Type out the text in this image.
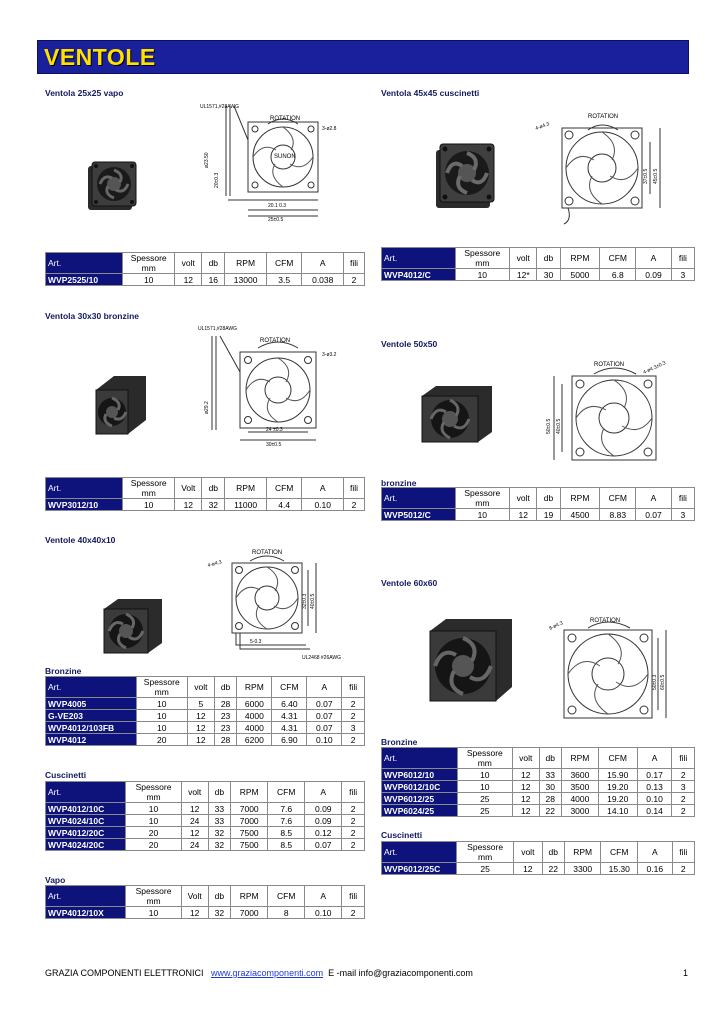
VENTOLE
Ventola 25x25 vapo
UL1571,#28AWG
ROTATION
3-ø2.8
SUNON
ø23.50
20±0.3
20.1 0.3
25±0.5
Art.	Spessore mm	volt	db	RPM	CFM	A	fili
WVP2525/10	10	12	16	13000	3.5	0.038	2
Ventola 45x45 cuscinetti
ROTATION
4-ø4.3
37±0.5 45±0.5
Art.	Spessore mm	volt	db	RPM	CFM	A	fili
WVP4012/C	10	12*	30	5000	6.8	0.09	3
Ventola 30x30 bronzine
UL1571,#28AWG
ROTATION
3-ø3.2
ø29.2
24 ±0.3
30±0.5
Art.	Spessore mm	Volt	db	RPM	CFM	A	fili
WVP3012/10	10	12	32	11000	4.4	0.10	2
Ventole 50x50
ROTATION	4-ø4.3±0.3
50±0.5 40±0.5
bronzine
Art.	Spessore mm	volt	db	RPM	CFM	A	fili
WVP5012/C	10	12	19	4500	8.83	0.07	3
Ventole 40x40x10
ROTATION
4-ø4.3
32±0.3 40±0.5
5-0.3
UL2468 #26AWG
Bronzine
Art.	Spessore mm	volt	db	RPM	CFM	A	fili
WVP4005	10	5	28	6000	6.40	0.07	2
G-VE203	10	12	23	4000	4.31	0.07	2
WVP4012/103FB	10	12	23	4000	4.31	0.07	3
WVP4012	20	12	28	6200	6.90	0.10	2
Cuscinetti
Art.	Spessore mm	volt	db	RPM	CFM	A	fili
WVP4012/10C	10	12	33	7000	7.6	0.09	2
WVP4024/10C	10	24	33	7000	7.6	0.09	2
WVP4012/20C	20	12	32	7500	8.5	0.12	2
WVP4024/20C	20	24	32	7500	8.5	0.07	2
Vapo
Art.	Spessore mm	Volt	db	RPM	CFM	A	fili
WVP4012/10X	10	12	32	7000	8	0.10	2
Ventole 60x60
ROTATION
8-ø4.3
50±0.3 60±0.5
Bronzine
Art.	Spessore mm	volt	db	RPM	CFM	A	fili
WVP6012/10	10	12	33	3600	15.90	0.17	2
WVP6012/10C	10	12	30	3500	19.20	0.13	3
WVP6012/25	25	12	28	4000	19.20	0.10	2
WVP6024/25	25	12	22	3000	14.10	0.14	2
Cuscinetti
Art.	Spessore mm	volt	db	RPM	CFM	A	fili
WVP6012/25C	25	12	22	3300	15.30	0.16	2
GRAZIA COMPONENTI ELETTRONICI www.graziacomponenti.com E -mail info@graziacomponenti.com	1
